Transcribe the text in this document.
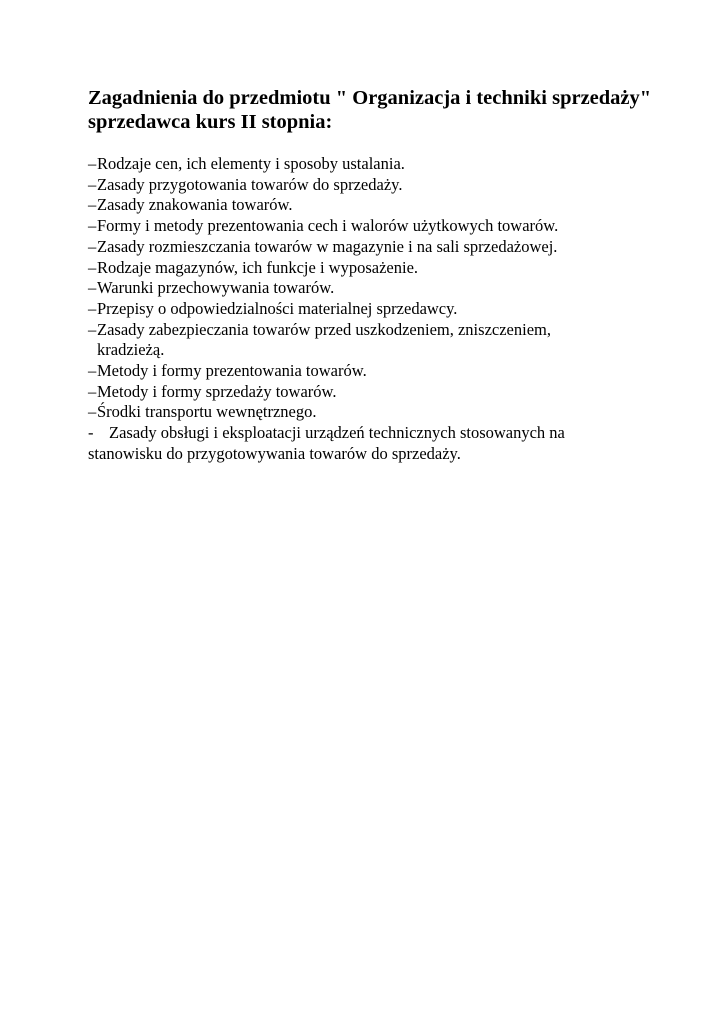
Zagadnienia do przedmiotu " Organizacja i techniki sprzedaży"
sprzedawca kurs II stopnia:
– Rodzaje cen, ich elementy i sposoby ustalania.
– Zasady przygotowania towarów do sprzedaży.
– Zasady znakowania towarów.
– Formy i metody prezentowania cech i walorów użytkowych towarów.
– Zasady rozmieszczania towarów w magazynie i na sali sprzedażowej.
– Rodzaje magazynów, ich funkcje i wyposażenie.
– Warunki przechowywania towarów.
– Przepisy o odpowiedzialności materialnej sprzedawcy.
– Zasady zabezpieczania towarów przed uszkodzeniem, zniszczeniem, kradzieżą.
– Metody i formy prezentowania towarów.
– Metody i formy sprzedaży towarów.
– Środki transportu wewnętrznego.

- Zasady obsługi i eksploatacji urządzeń technicznych stosowanych na
stanowisku do przygotowywania towarów do sprzedaży.
